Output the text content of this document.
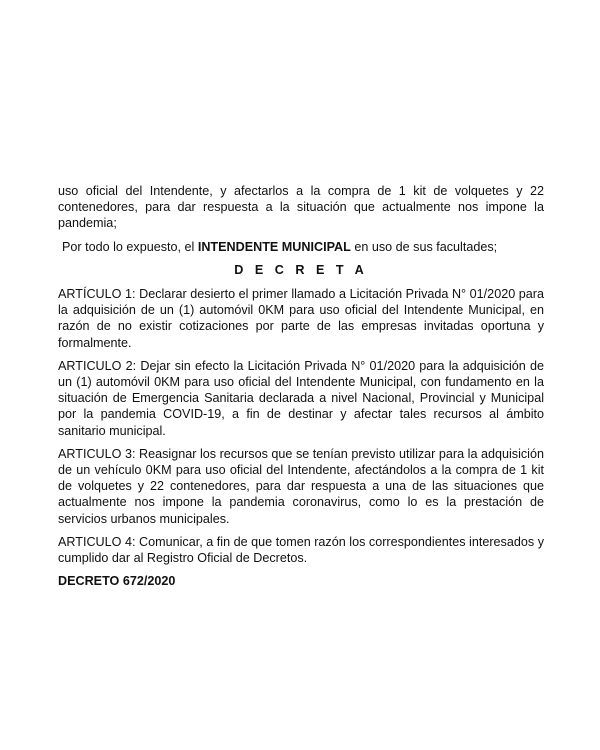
uso oficial del Intendente, y afectarlos a la compra de 1 kit de volquetes y 22 contenedores, para dar respuesta a la situación que actualmente nos impone la pandemia;

Por todo lo expuesto, el INTENDENTE MUNICIPAL en uso de sus facultades;

D E C R E T A

ARTÍCULO 1: Declarar desierto el primer llamado a Licitación Privada N° 01/2020 para la adquisición de un (1) automóvil 0KM para uso oficial del Intendente Municipal, en razón de no existir cotizaciones por parte de las empresas invitadas oportuna y formalmente.

ARTICULO 2: Dejar sin efecto la Licitación Privada N° 01/2020 para la adquisición de un (1) automóvil 0KM para uso oficial del Intendente Municipal, con fundamento en la situación de Emergencia Sanitaria declarada a nivel Nacional, Provincial y Municipal por la pandemia COVID-19, a fin de destinar y afectar tales recursos al ámbito sanitario municipal.

ARTICULO 3: Reasignar los recursos que se tenían previsto utilizar para la adquisición de un vehículo 0KM para uso oficial del Intendente, afectándolos a la compra de 1 kit de volquetes y 22 contenedores, para dar respuesta a una de las situaciones que actualmente nos impone la pandemia coronavirus, como lo es la prestación de servicios urbanos municipales.

ARTICULO 4: Comunicar, a fin de que tomen razón los correspondientes interesados y cumplido dar al Registro Oficial de Decretos.

DECRETO 672/2020
